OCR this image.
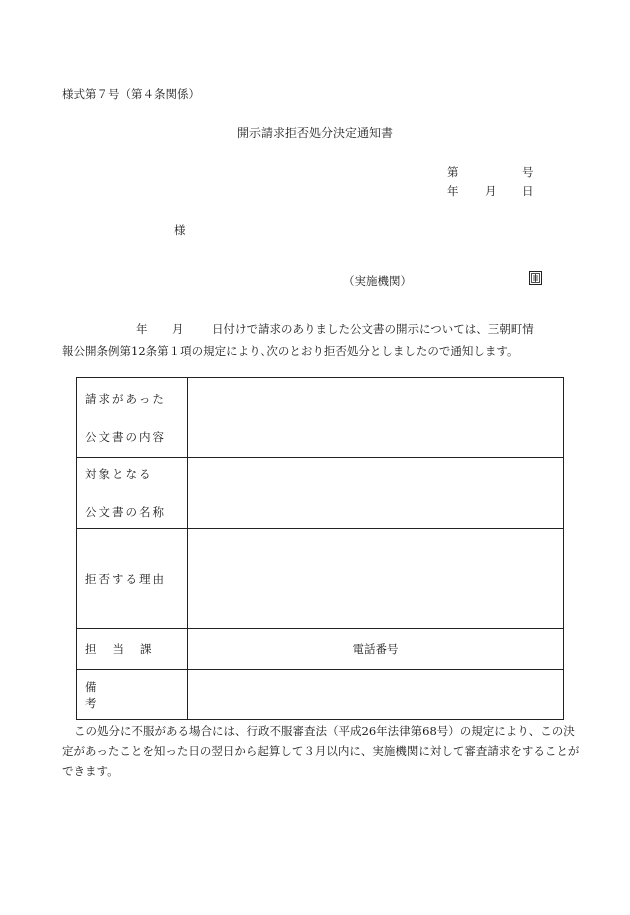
様式第７号（第４条関係）
開示請求拒否処分決定通知書
第	号
年 月 日
様
（実施機関）
年 月 日付けで請求のありました公文書の開示については、三朝町情
報公開条例第12条第１項の規定により､次のとおり拒否処分としましたので通知します。
請求があった
公文書の内容	

対象となる
公文書の名称	

拒否する理由	

担当課	電話番号

備考	

この処分に不服がある場合には、行政不服審査法（平成26年法律第68号）の規定により、この決定があったことを知った日の翌日から起算して３月以内に、実施機関に対して審査請求をすることができます。
